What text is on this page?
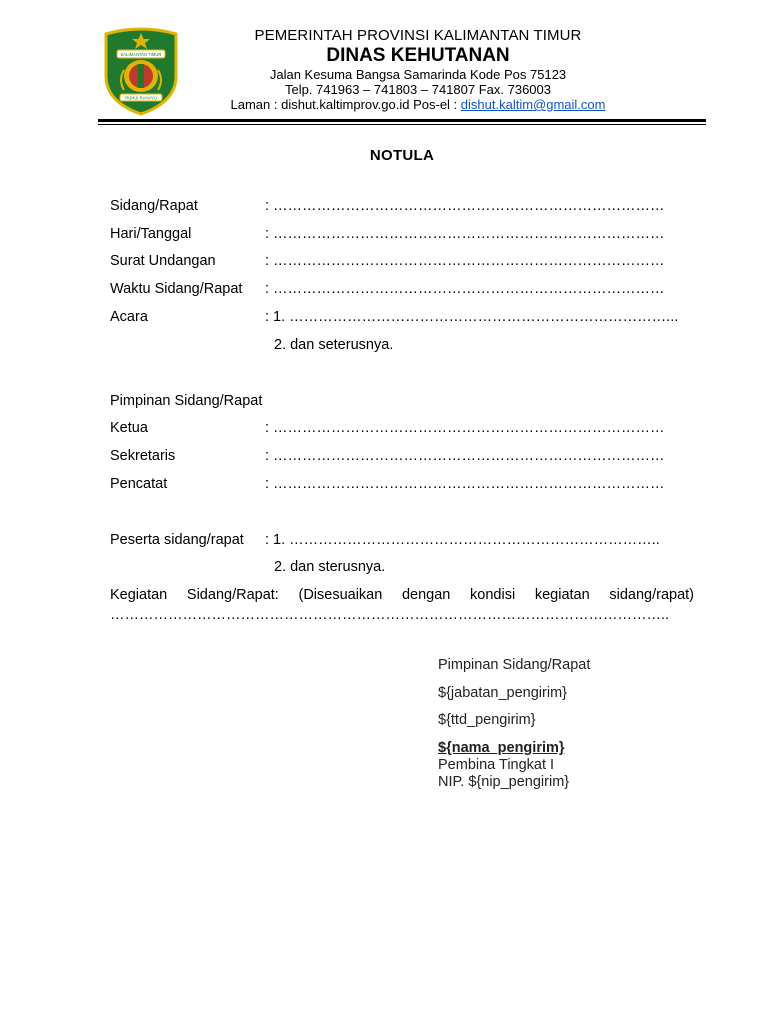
KALIMANTAN TIMUR
RUHUI RAHAYU
PEMERINTAH PROVINSI KALIMANTAN TIMUR
DINAS KEHUTANAN
Jalan Kesuma Bangsa Samarinda Kode Pos 75123
Telp. 741963 – 741803 – 741807 Fax. 736003
Laman : dishut.kaltimprov.go.id Pos-el : dishut.kaltim@gmail.com
NOTULA
Sidang/Rapat	: ………………………………………………………………………
Hari/Tanggal	: ………………………………………………………………………
Surat Undangan	: ………………………………………………………………………
Waktu Sidang/Rapat : ………………………………………………………………………
Acara	: 1. ……………………………………………………………………...
2. dan seterusnya.
Pimpinan Sidang/Rapat
Ketua	: ………………………………………………………………………
Sekretaris	: ………………………………………………………………………
Pencatat	: ………………………………………………………………………
Peserta sidang/rapat : 1. …………………………………………………………………..
2. dan sterusnya.
Kegiatan Sidang/Rapat: (Disesuaikan dengan kondisi kegiatan sidang/rapat)
……………………………………………………………………………………………………..
Pimpinan Sidang/Rapat
${jabatan_pengirim}
${ttd_pengirim}
${nama_pengirim}
Pembina Tingkat I
NIP. ${nip_pengirim}
